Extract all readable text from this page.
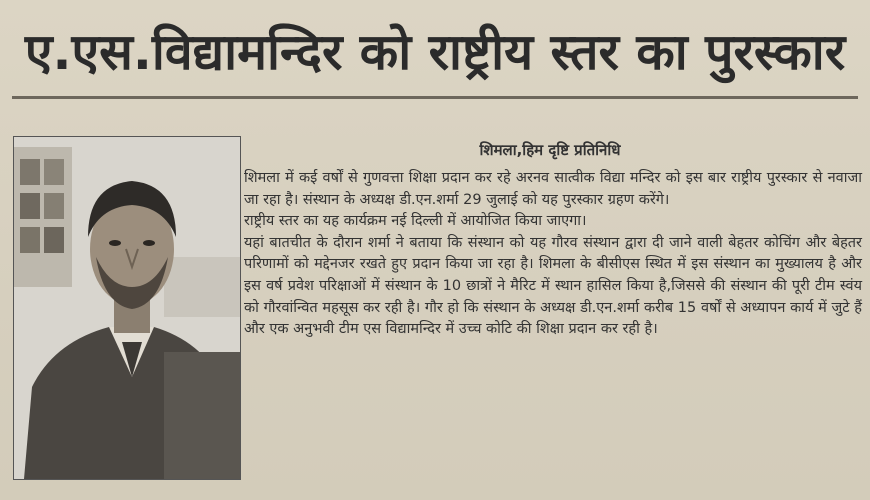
ए.एस.विद्यामन्दिर को राष्ट्रीय स्तर का पुरस्कार
शिमला,हिम दृष्टि प्रतिनिधि

शिमला में कई वर्षों से गुणवत्ता शिक्षा प्रदान कर रहे अरनव सात्वीक विद्या मन्दिर को इस बार राष्ट्रीय पुरस्कार से नवाजा जा रहा है। संस्थान के अध्यक्ष डी.एन.शर्मा 29 जुलाई को यह पुरस्कार ग्रहण करेंगे।

राष्ट्रीय स्तर का यह कार्यक्रम नई दिल्ली में आयोजित किया जाएगा।

यहां बातचीत के दौरान शर्मा ने बताया कि संस्थान को यह गौरव संस्थान द्वारा दी जाने वाली बेहतर कोचिंग और बेहतर परिणामों को मद्देनजर रखते हुए प्रदान किया जा रहा है। शिमला के बीसीएस स्थित में इस संस्थान का मुख्यालय है और इस वर्ष प्रवेश परिक्षाओं में संस्थान के 10 छात्रों ने मैरिट में स्थान हासिल किया है,जिससे की संस्थान की पूरी टीम स्वंय को गौरवांन्वित महसूस कर रही है। गौर हो कि संस्थान के अध्यक्ष डी.एन.शर्मा करीब 15 वर्षों से अध्यापन कार्य में जुटे हैं और एक अनुभवी टीम एस विद्यामन्दिर में उच्च कोटि की शिक्षा प्रदान कर रही है।
